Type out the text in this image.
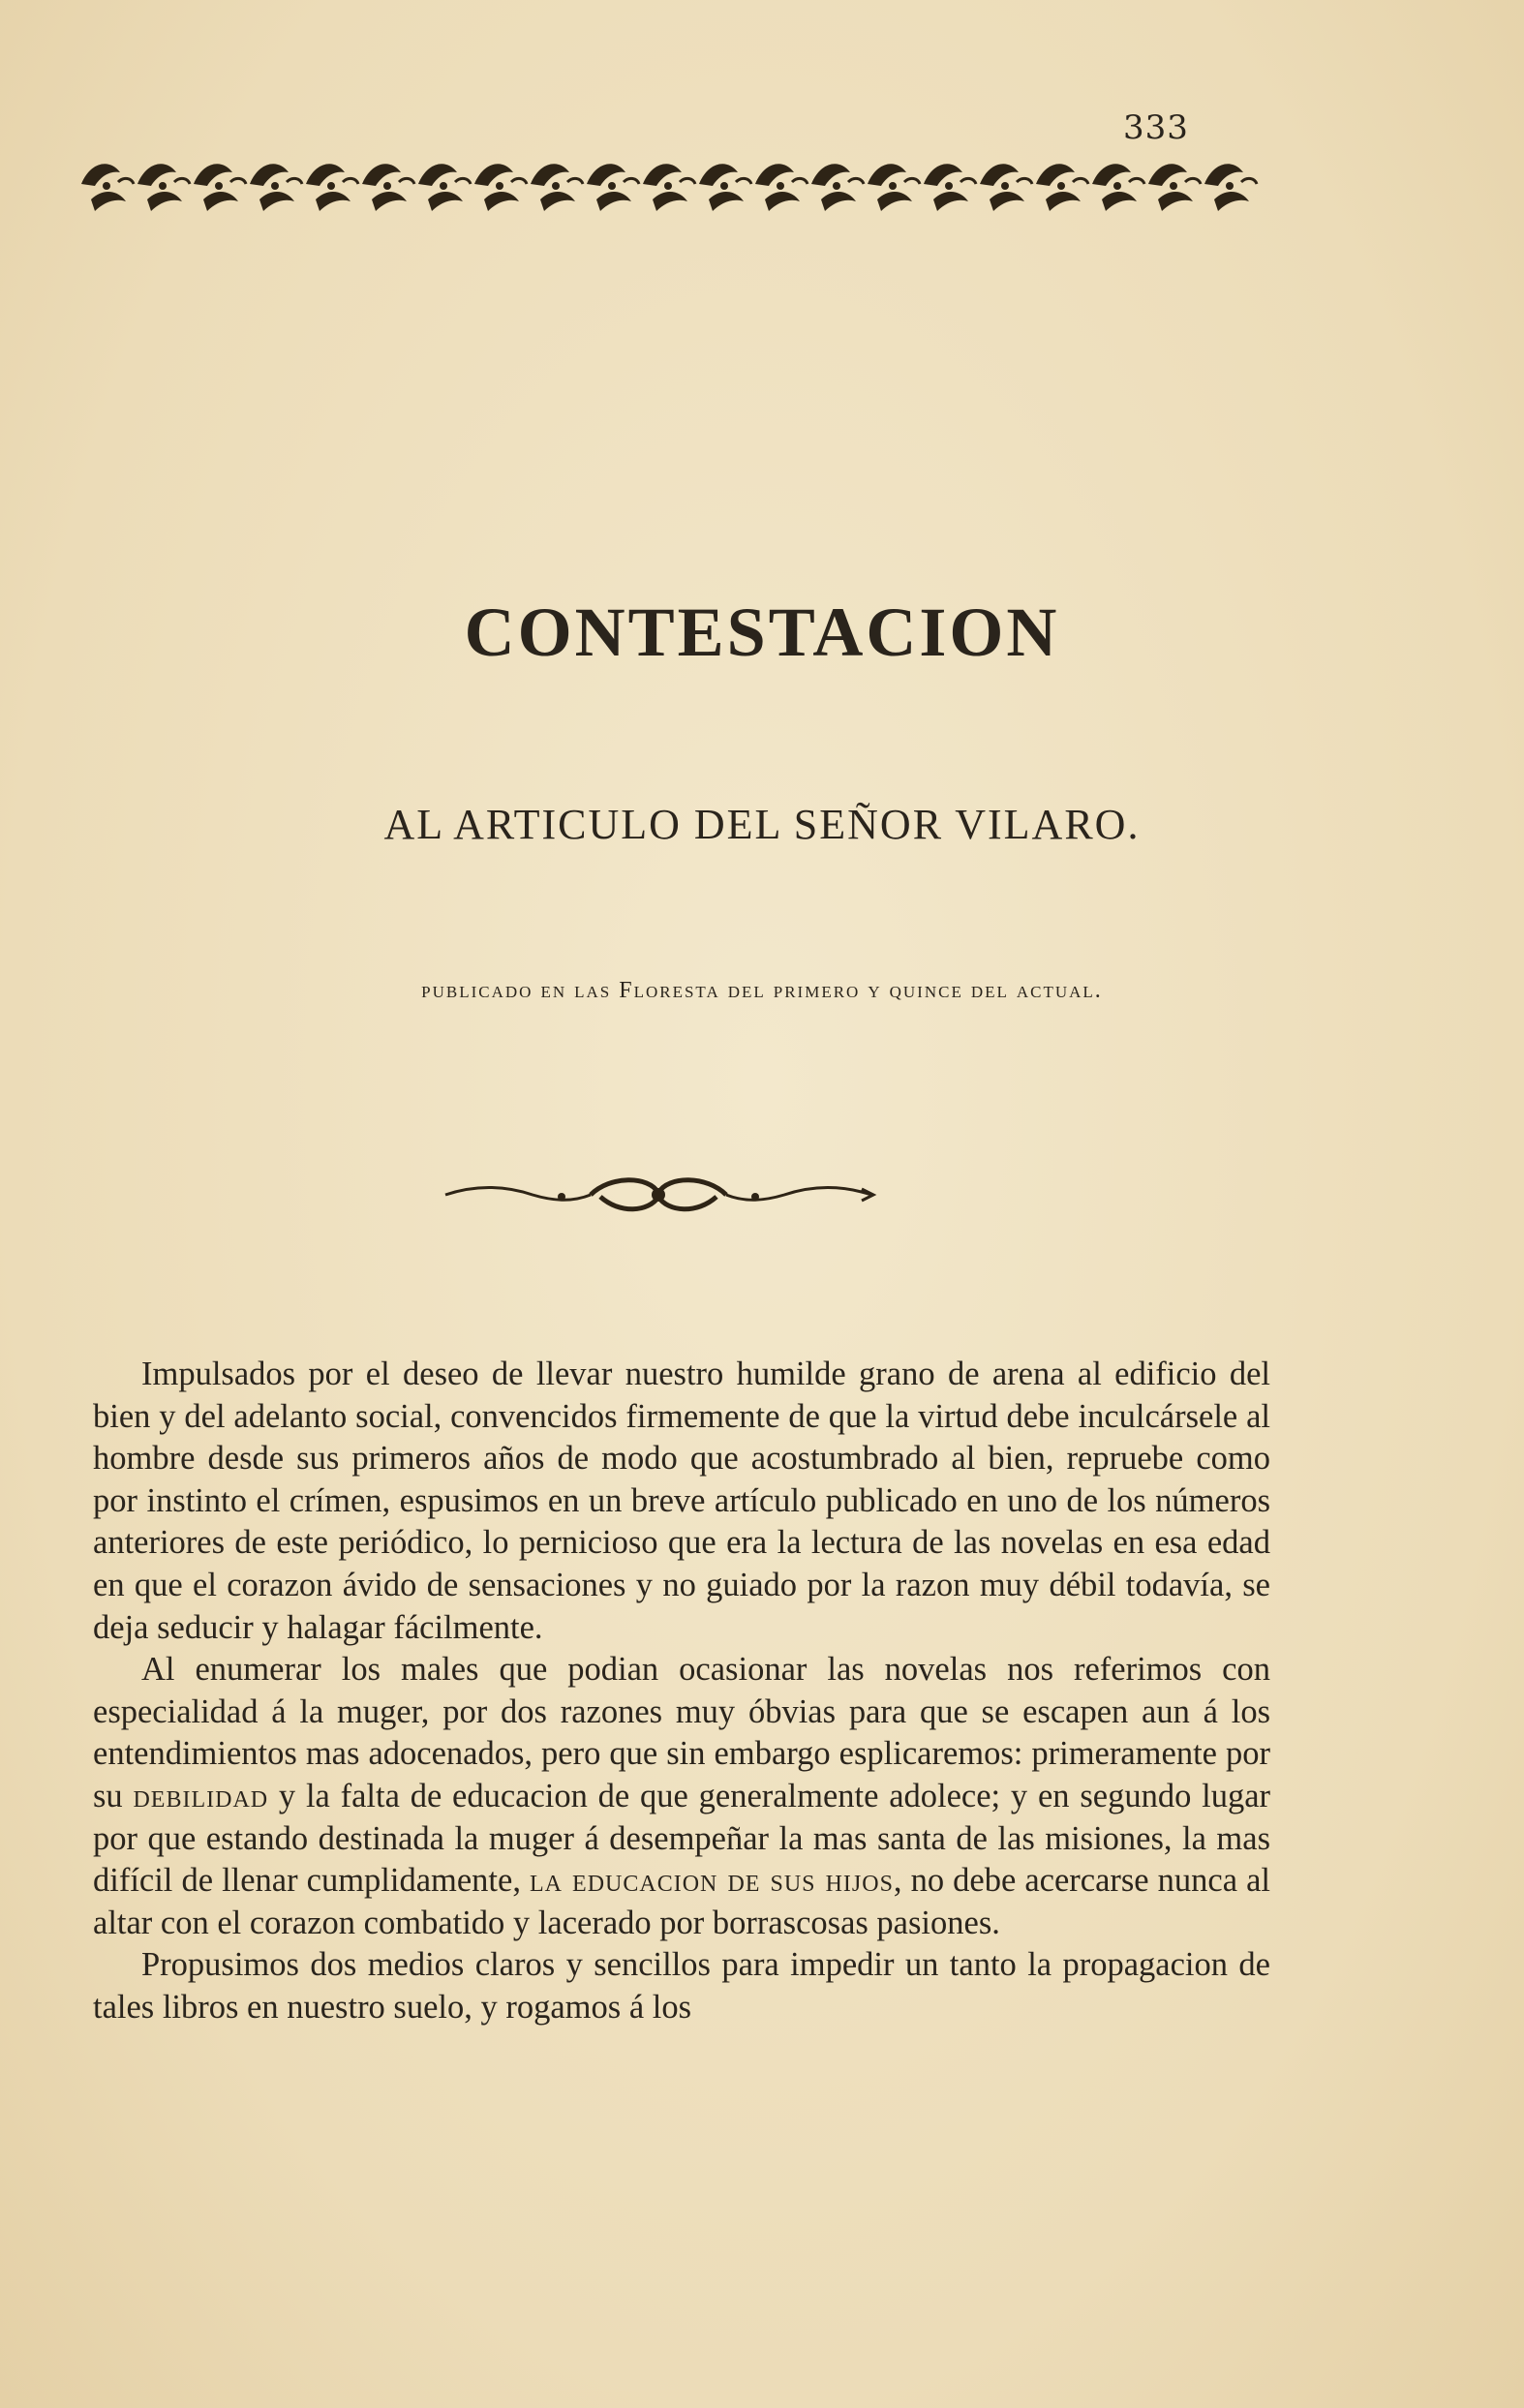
333
CONTESTACION
AL ARTICULO DEL SEÑOR VILARO.
publicado en las Floresta del primero y quince del actual.

Impulsados por el deseo de llevar nuestro humilde grano de arena al edificio del bien y del adelanto social, convencidos firmemente de que la virtud debe inculcársele al hombre desde sus primeros años de modo que acostumbrado al bien, repruebe como por instinto el crímen, espusimos en un breve artículo publicado en uno de los números anteriores de este periódico, lo pernicioso que era la lectura de las novelas en esa edad en que el corazon ávido de sensaciones y no guiado por la razon muy débil todavía, se deja seducir y halagar fácilmente.

Al enumerar los males que podian ocasionar las novelas nos referimos con especialidad á la muger, por dos razones muy óbvias para que se escapen aun á los entendimientos mas adocenados, pero que sin embargo esplicaremos: primeramente por su debilidad y la falta de educacion de que generalmente adolece; y en segundo lugar por que estando destinada la muger á desempeñar la mas santa de las misiones, la mas difícil de llenar cumplidamente, la educacion de sus hijos, no debe acercarse nunca al altar con el corazon combatido y lacerado por borrascosas pasiones.

Propusimos dos medios claros y sencillos para impedir un tanto la propagacion de tales libros en nuestro suelo, y rogamos á los
